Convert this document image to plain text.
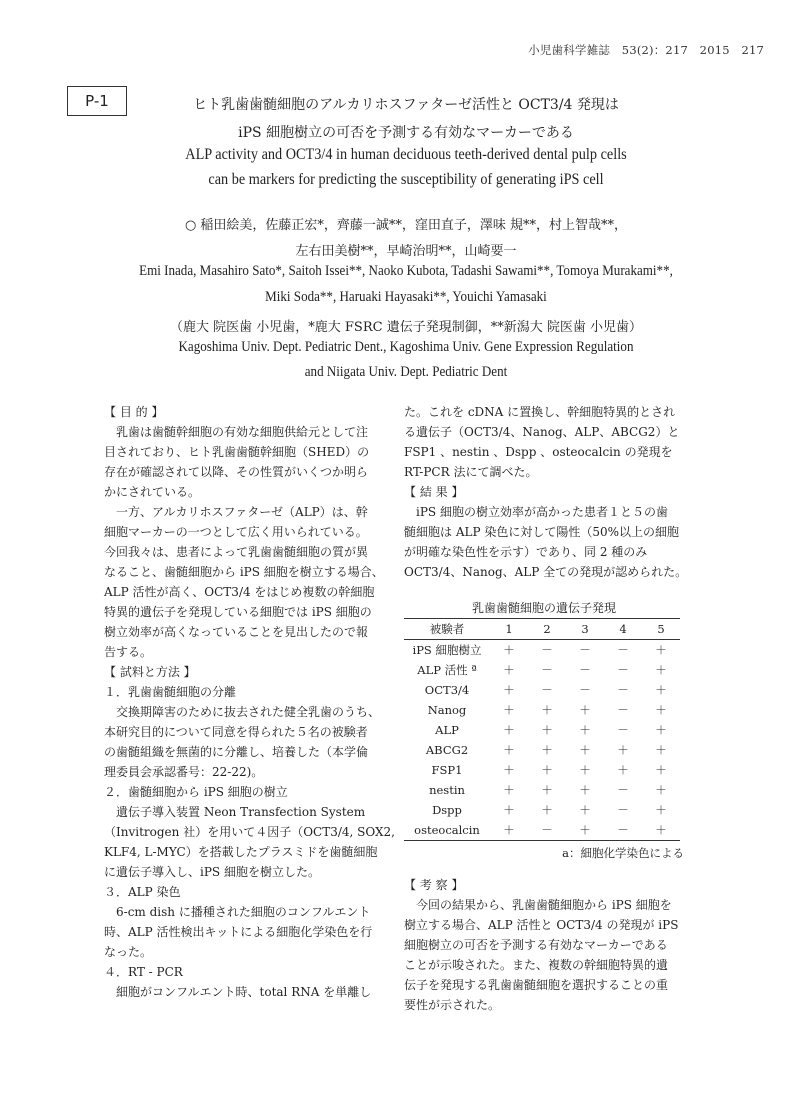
小児歯科学雑誌　53(2)：217　2015　217
P-1	ヒト乳歯歯髄細胞のアルカリホスファターゼ活性と OCT3/4 発現は
iPS 細胞樹立の可否を予測する有効なマーカーである
ALP activity and OCT3/4 in human deciduous teeth-derived dental pulp cells
can be markers for predicting the susceptibility of generating iPS cell
○ 稲田絵美，佐藤正宏*，齊藤一誠**，窪田直子，澤味 規**，村上智哉**，
左右田美樹**，早崎治明**，山崎要一
Emi Inada, Masahiro Sato*, Saitoh Issei**, Naoko Kubota, Tadashi Sawami**, Tomoya Murakami**,
Miki Soda**, Haruaki Hayasaki**, Youichi Yamasaki
（鹿大 院医歯 小児歯，*鹿大 FSRC 遺伝子発現制御，**新潟大 院医歯 小児歯）
Kagoshima Univ. Dept. Pediatric Dent., Kagoshima Univ. Gene Expression Regulation
and Niigata Univ. Dept. Pediatric Dent

【 目 的 】

　乳歯は歯髄幹細胞の有効な細胞供給元として注

目されており、ヒト乳歯歯髄幹細胞（SHED）の

存在が確認されて以降、その性質がいくつか明ら

かにされている。

　一方、アルカリホスファターゼ（ALP）は、幹

細胞マーカーの一つとして広く用いられている。

今回我々は、患者によって乳歯歯髄細胞の質が異

なること、歯髄細胞から iPS 細胞を樹立する場合、

ALP 活性が高く、OCT3/4 をはじめ複数の幹細胞

特異的遺伝子を発現している細胞では iPS 細胞の

樹立効率が高くなっていることを見出したので報

告する。

【 試料と方法 】

１．乳歯歯髄細胞の分離

　交換期障害のために抜去された健全乳歯のうち、

本研究目的について同意を得られた５名の被験者

の歯髄組織を無菌的に分離し、培養した（本学倫

理委員会承認番号：22-22)。

２．歯髄細胞から iPS 細胞の樹立

　遺伝子導入装置 Neon Transfection System

（Invitrogen 社）を用いて４因子（OCT3/4, SOX2,

KLF4, L-MYC）を搭載したプラスミドを歯髄細胞

に遺伝子導入し、iPS 細胞を樹立した。

３．ALP 染色

　6-cm dish に播種された細胞のコンフルエント

時、ALP 活性検出キットによる細胞化学染色を行

なった。

４．RT - PCR

　細胞がコンフルエント時、total RNA を単離し

た。これを cDNA に置換し、幹細胞特異的とされ

る遺伝子（OCT3/4、Nanog、ALP、ABCG2）と

FSP1 、nestin 、Dspp 、osteocalcin の発現を

RT-PCR 法にて調べた。

【 結 果 】

　iPS 細胞の樹立効率が高かった患者１と５の歯

髄細胞は ALP 染色に対して陽性（50%以上の細胞

が明確な染色性を示す）であり、同 2 種のみ

OCT3/4、Nanog、ALP 全ての発現が認められた。

乳歯歯髄細胞の遺伝子発現
被験者	1	2	3	4	5
iPS 細胞樹立	＋	－	－	－	＋
ALP 活性 ª	＋	－	－	－	＋
OCT3/4	＋	－	－	－	＋
Nanog	＋	＋	＋	－	＋
ALP	＋	＋	＋	－	＋
ABCG2	＋	＋	＋	＋	＋
FSP1	＋	＋	＋	＋	＋
nestin	＋	＋	＋	－	＋
Dspp	＋	＋	＋	－	＋
osteocalcin	＋	－	＋	－	＋
a：細胞化学染色による

【 考 察 】

　今回の結果から、乳歯歯髄細胞から iPS 細胞を

樹立する場合、ALP 活性と OCT3/4 の発現が iPS

細胞樹立の可否を予測する有効なマーカーである

ことが示唆された。また、複数の幹細胞特異的遺

伝子を発現する乳歯歯髄細胞を選択することの重

要性が示された。
